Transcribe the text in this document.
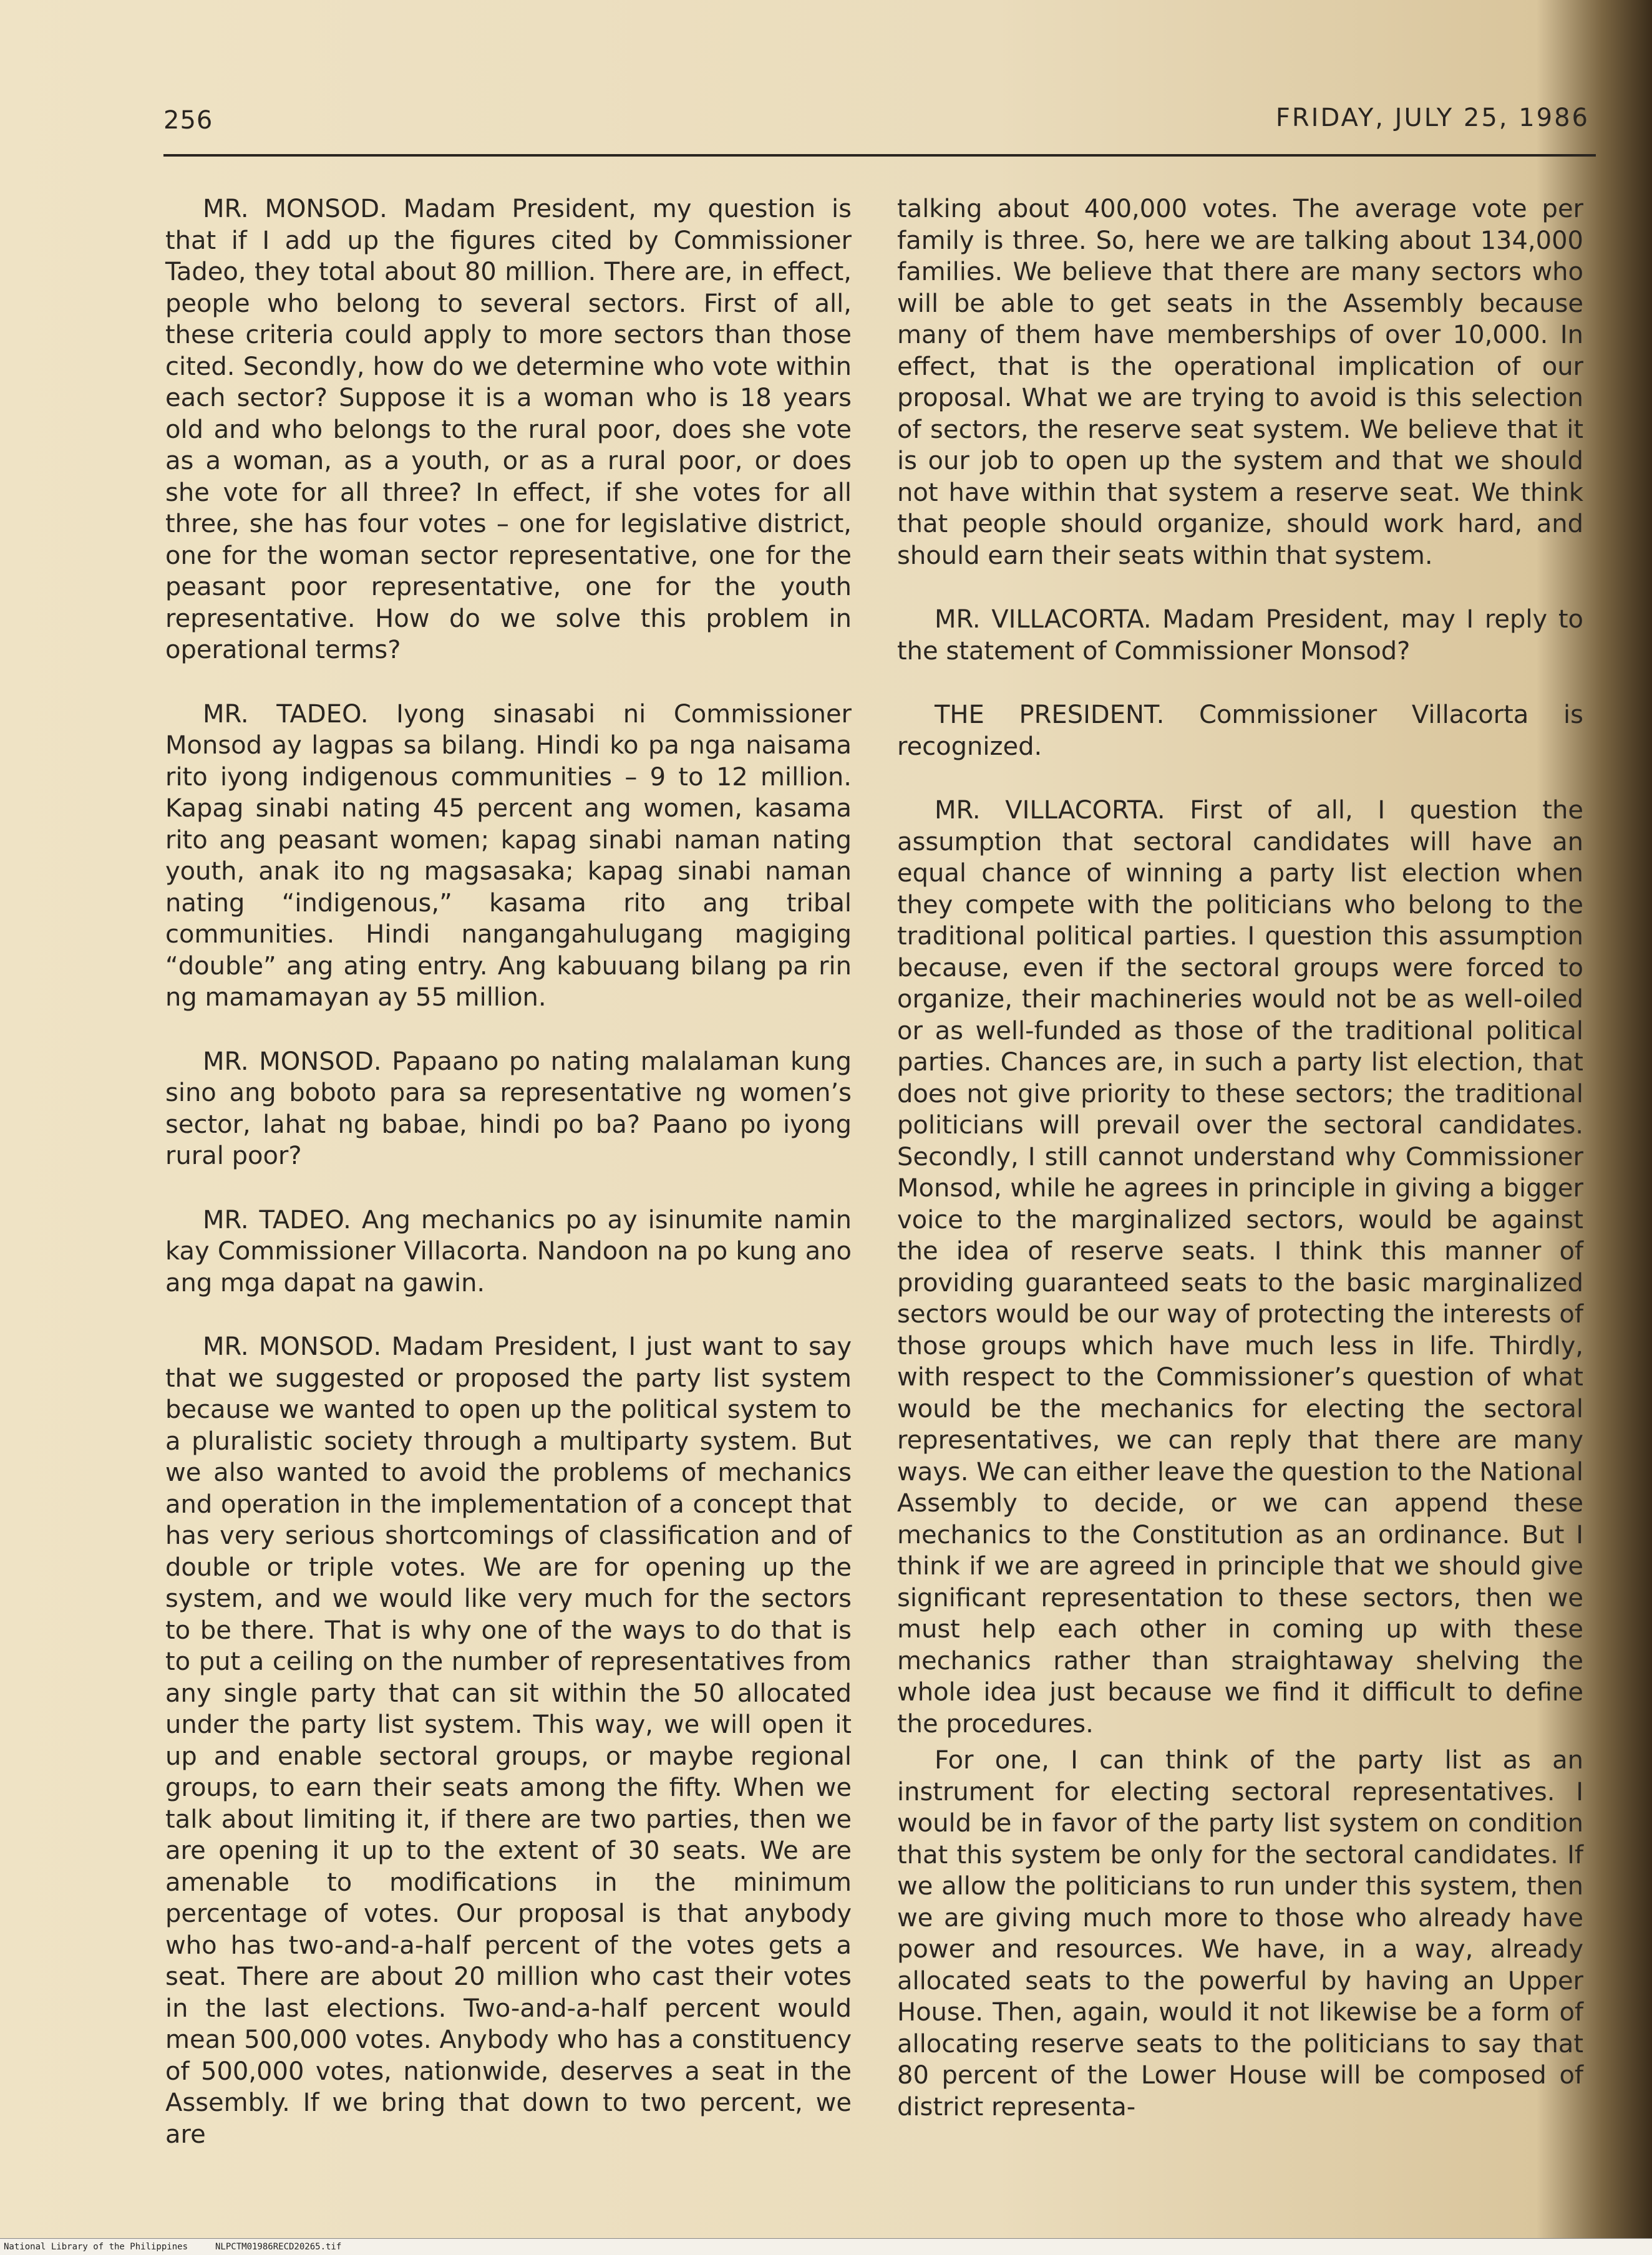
256	FRIDAY, JULY 25, 1986

MR. MONSOD. Madam President, my question is that if I add up the figures cited by Commissioner Tadeo, they total about 80 million. There are, in effect, people who belong to several sectors. First of all, these criteria could apply to more sectors than those cited. Secondly, how do we determine who vote within each sector? Suppose it is a woman who is 18 years old and who belongs to the rural poor, does she vote as a woman, as a youth, or as a rural poor, or does she vote for all three? In effect, if she votes for all three, she has four votes – one for legislative district, one for the woman sector representative, one for the peasant poor representative, one for the youth representative. How do we solve this problem in operational terms?

MR. TADEO. Iyong sinasabi ni Commissioner Monsod ay lagpas sa bilang. Hindi ko pa nga naisama rito iyong indigenous communities – 9 to 12 million. Kapag sinabi nating 45 percent ang women, kasama rito ang peasant women; kapag sinabi naman nating youth, anak ito ng magsasaka; kapag sinabi naman nating “indigenous,” kasama rito ang tribal communities. Hindi nangangahulugang magiging “double” ang ating entry. Ang kabuuang bilang pa rin ng mamamayan ay 55 million.

MR. MONSOD. Papaano po nating malalaman kung sino ang boboto para sa representative ng women’s sector, lahat ng babae, hindi po ba? Paano po iyong rural poor?

MR. TADEO. Ang mechanics po ay isinumite namin kay Commissioner Villacorta. Nandoon na po kung ano ang mga dapat na gawin.

MR. MONSOD. Madam President, I just want to say that we suggested or proposed the party list system because we wanted to open up the political system to a pluralistic society through a multiparty system. But we also wanted to avoid the problems of mechanics and operation in the implementation of a concept that has very serious shortcomings of classification and of double or triple votes. We are for opening up the system, and we would like very much for the sectors to be there. That is why one of the ways to do that is to put a ceiling on the number of representatives from any single party that can sit within the 50 allocated under the party list system. This way, we will open it up and enable sectoral groups, or maybe regional groups, to earn their seats among the fifty. When we talk about limiting it, if there are two parties, then we are opening it up to the extent of 30 seats. We are amenable to modifications in the minimum percentage of votes. Our proposal is that anybody who has two-and-a-half percent of the votes gets a seat. There are about 20 million who cast their votes in the last elections. Two-and-a-half percent would mean 500,000 votes. Anybody who has a constituency of 500,000 votes, nationwide, deserves a seat in the Assembly. If we bring that down to two percent, we are

talking about 400,000 votes. The average vote per family is three. So, here we are talking about 134,000 families. We believe that there are many sectors who will be able to get seats in the Assembly because many of them have memberships of over 10,000. In effect, that is the operational implication of our proposal. What we are trying to avoid is this selection of sectors, the reserve seat system. We believe that it is our job to open up the system and that we should not have within that system a reserve seat. We think that people should organize, should work hard, and should earn their seats within that system.

MR. VILLACORTA. Madam President, may I reply to the statement of Commissioner Monsod?

THE PRESIDENT. Commissioner Villacorta is recognized.

MR. VILLACORTA. First of all, I question the assumption that sectoral candidates will have an equal chance of winning a party list election when they compete with the politicians who belong to the traditional political parties. I question this assumption because, even if the sectoral groups were forced to organize, their machineries would not be as well-oiled or as well-funded as those of the traditional political parties. Chances are, in such a party list election, that does not give priority to these sectors; the traditional politicians will prevail over the sectoral candidates. Secondly, I still cannot understand why Commissioner Monsod, while he agrees in principle in giving a bigger voice to the marginalized sectors, would be against the idea of reserve seats. I think this manner of providing guaranteed seats to the basic marginalized sectors would be our way of protecting the interests of those groups which have much less in life. Thirdly, with respect to the Commissioner’s question of what would be the mechanics for electing the sectoral representatives, we can reply that there are many ways. We can either leave the question to the National Assembly to decide, or we can append these mechanics to the Constitution as an ordinance. But I think if we are agreed in principle that we should give significant representation to these sectors, then we must help each other in coming up with these mechanics rather than straightaway shelving the whole idea just because we find it difficult to define the procedures.

For one, I can think of the party list as an instrument for electing sectoral representatives. I would be in favor of the party list system on condition that this system be only for the sectoral candidates. If we allow the politicians to run under this system, then we are giving much more to those who already have power and resources. We have, in a way, already allocated seats to the powerful by having an Upper House. Then, again, would it not likewise be a form of allocating reserve seats to the politicians to say that 80 percent of the Lower House will be composed of district representa-

National Library of the Philippines	NLPCTM01986RECD20265.tif
